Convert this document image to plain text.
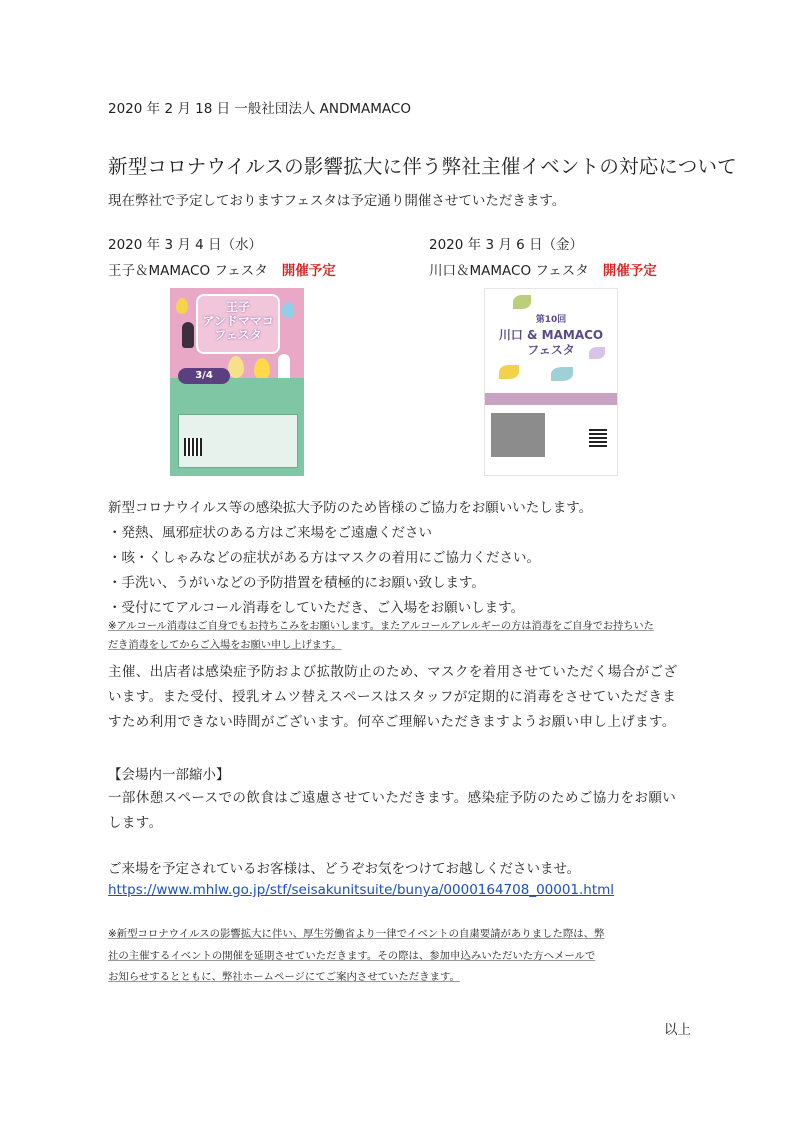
2020 年 2 月 18 日 一般社団法人 ANDMAMACO
新型コロナウイルスの影響拡大に伴う弊社主催イベントの対応について
現在弊社で予定しておりますフェスタは予定通り開催させていただきます。
2020 年 3 月 4 日（水）
王子＆MAMACO フェスタ 開催予定
2020 年 3 月 6 日（金）
川口＆MAMACO フェスタ 開催予定
王子
アンドママコ
フェスタ
3/4
第10回
川口 & MAMACO
フェスタ
新型コロナウイルス等の感染拡大予防のため皆様のご協力をお願いいたします。
・発熱、風邪症状のある方はご来場をご遠慮ください
・咳・くしゃみなどの症状がある方はマスクの着用にご協力ください。
・手洗い、うがいなどの予防措置を積極的にお願い致します。
・受付にてアルコール消毒をしていただき、ご入場をお願いします。
※アルコール消毒はご自身でもお持ちこみをお願いします。またアルコールアレルギーの方は消毒をご自身でお持ちいた
だき消毒をしてからご入場をお願い申し上げます。
主催、出店者は感染症予防および拡散防止のため、マスクを着用させていただく場合がござ
います。また受付、授乳オムツ替えスペースはスタッフが定期的に消毒をさせていただきま
すため利用できない時間がございます。何卒ご理解いただきますようお願い申し上げます。
【会場内一部縮小】
一部休憩スペースでの飲食はご遠慮させていただきます。感染症予防のためご協力をお願い
します。
ご来場を予定されているお客様は、どうぞお気をつけてお越しくださいませ。
https://www.mhlw.go.jp/stf/seisakunitsuite/bunya/0000164708_00001.html
※新型コロナウイルスの影響拡大に伴い、厚生労働省より一律でイベントの自粛要請がありました際は、弊
社の主催するイベントの開催を延期させていただきます。その際は、参加申込みいただいた方へメールで
お知らせするとともに、弊社ホームページにてご案内させていただきます。
以上
